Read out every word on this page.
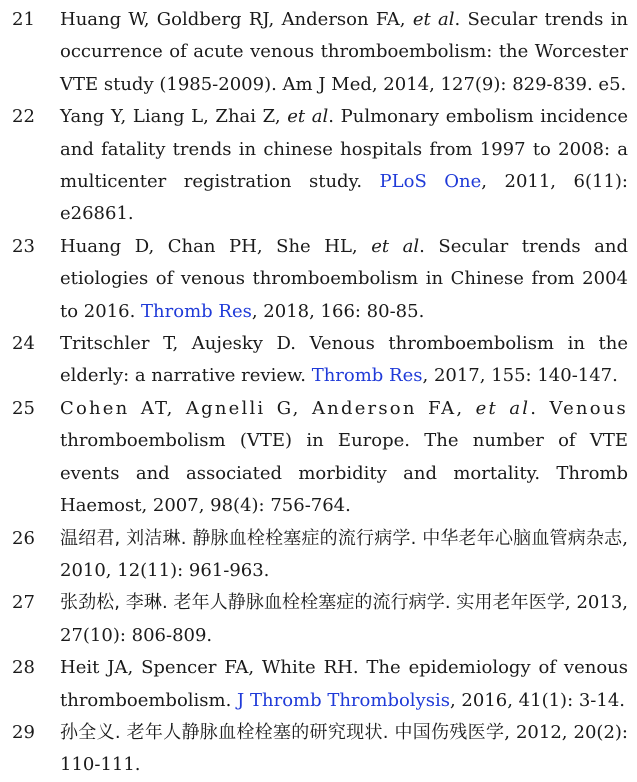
21	Huang W, Goldberg RJ, Anderson FA, et al. Secular trends in occurrence of acute venous thromboembolism: the Worcester VTE study (1985-2009). Am J Med, 2014, 127(9): 829-839. e5.
22	Yang Y, Liang L, Zhai Z, et al. Pulmonary embolism incidence and fatality trends in chinese hospitals from 1997 to 2008: a multicenter registration study. PLoS One, 2011, 6(11): e26861.
23	Huang D, Chan PH, She HL, et al. Secular trends and etiologies of venous thromboembolism in Chinese from 2004 to 2016. Thromb Res, 2018, 166: 80-85.
24	Tritschler T, Aujesky D. Venous thromboembolism in the elderly: a narrative review. Thromb Res, 2017, 155: 140-147.
25	Cohen AT, Agnelli G, Anderson FA, et al. Venous thromboembolism (VTE) in Europe. The number of VTE events and associated morbidity and mortality. Thromb Haemost, 2007, 98(4): 756-764.
26	温绍君, 刘洁琳. 静脉血栓栓塞症的流行病学. 中华老年心脑血管病杂志, 2010, 12(11): 961-963.
27	张劲松, 李琳. 老年人静脉血栓栓塞症的流行病学. 实用老年医学, 2013, 27(10): 806-809.
28	Heit JA, Spencer FA, White RH. The epidemiology of venous thromboembolism. J Thromb Thrombolysis, 2016, 41(1): 3-14.
29	孙全义. 老年人静脉血栓栓塞的研究现状. 中国伤残医学, 2012, 20(2): 110-111.
